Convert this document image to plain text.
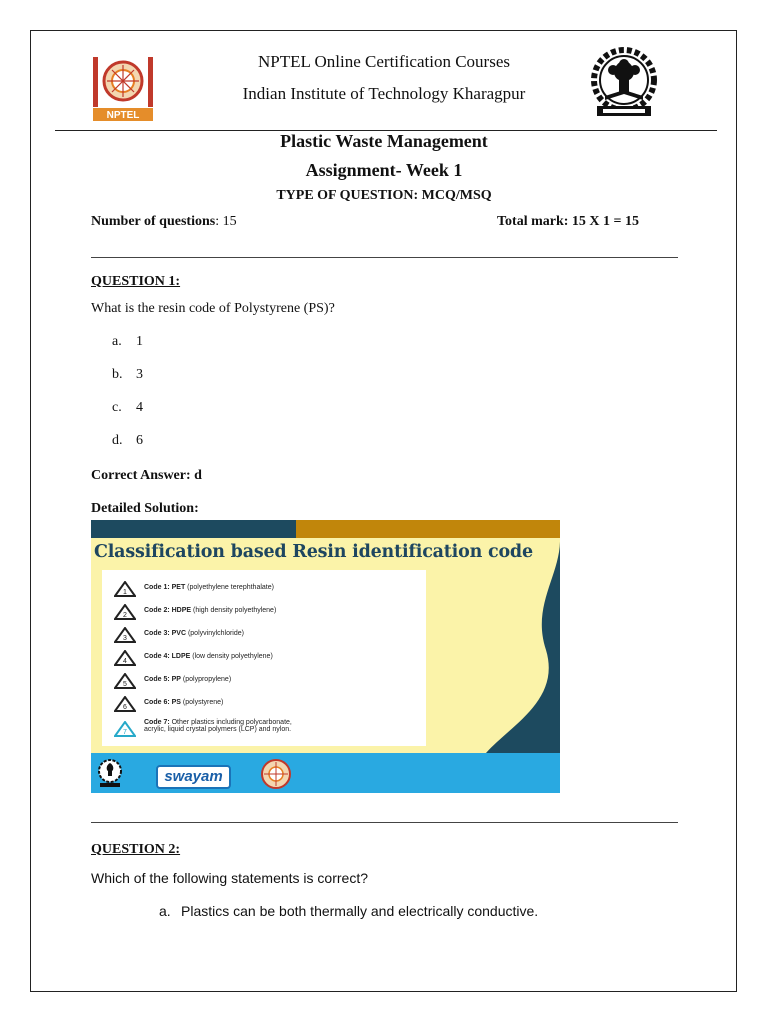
NPTEL
NPTEL Online Certification Courses
Indian Institute of Technology Kharagpur
Plastic Waste Management
Assignment- Week 1
TYPE OF QUESTION: MCQ/MSQ
Number of questions: 15	Total mark: 15 X 1 = 15
QUESTION 1:
What is the resin code of Polystyrene (PS)?
a. 1
b. 3
c. 4
d. 6
Correct Answer: d
Detailed Solution:
Classification based Resin identification code
1
Code 1: PET (polyethylene terephthalate)
2
Code 2: HDPE (high density polyethylene)
3
Code 3: PVC (polyvinylchloride)
4
Code 4: LDPE (low density polyethylene)
5
Code 5: PP (polypropylene)
6
Code 6: PS (polystyrene)
7
Code 7: Other plastics including polycarbonate,
acrylic, liquid crystal polymers (LCP) and nylon.
swayam
QUESTION 2:
Which of the following statements is correct?
a. Plastics can be both thermally and electrically conductive.
